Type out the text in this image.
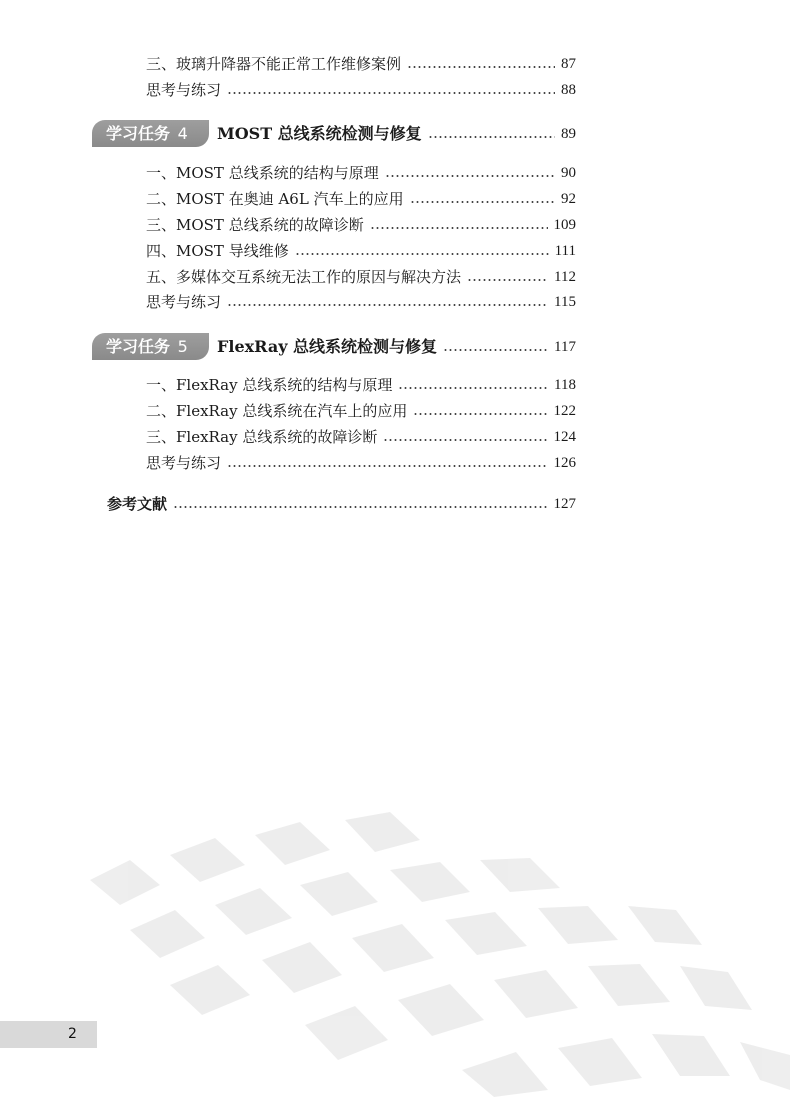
三、玻璃升降器不能正常工作维修案例	87
思考与练习	88
学习任务 4	MOST 总线系统检测与修复	89
一、MOST 总线系统的结构与原理	90
二、MOST 在奥迪 A6L 汽车上的应用	92
三、MOST 总线系统的故障诊断	109
四、MOST 导线维修	111
五、多媒体交互系统无法工作的原因与解决方法	112
思考与练习	115
学习任务 5	FlexRay 总线系统检测与修复	117
一、FlexRay 总线系统的结构与原理	118
二、FlexRay 总线系统在汽车上的应用	122
三、FlexRay 总线系统的故障诊断	124
思考与练习	126
参考文献	127
2
